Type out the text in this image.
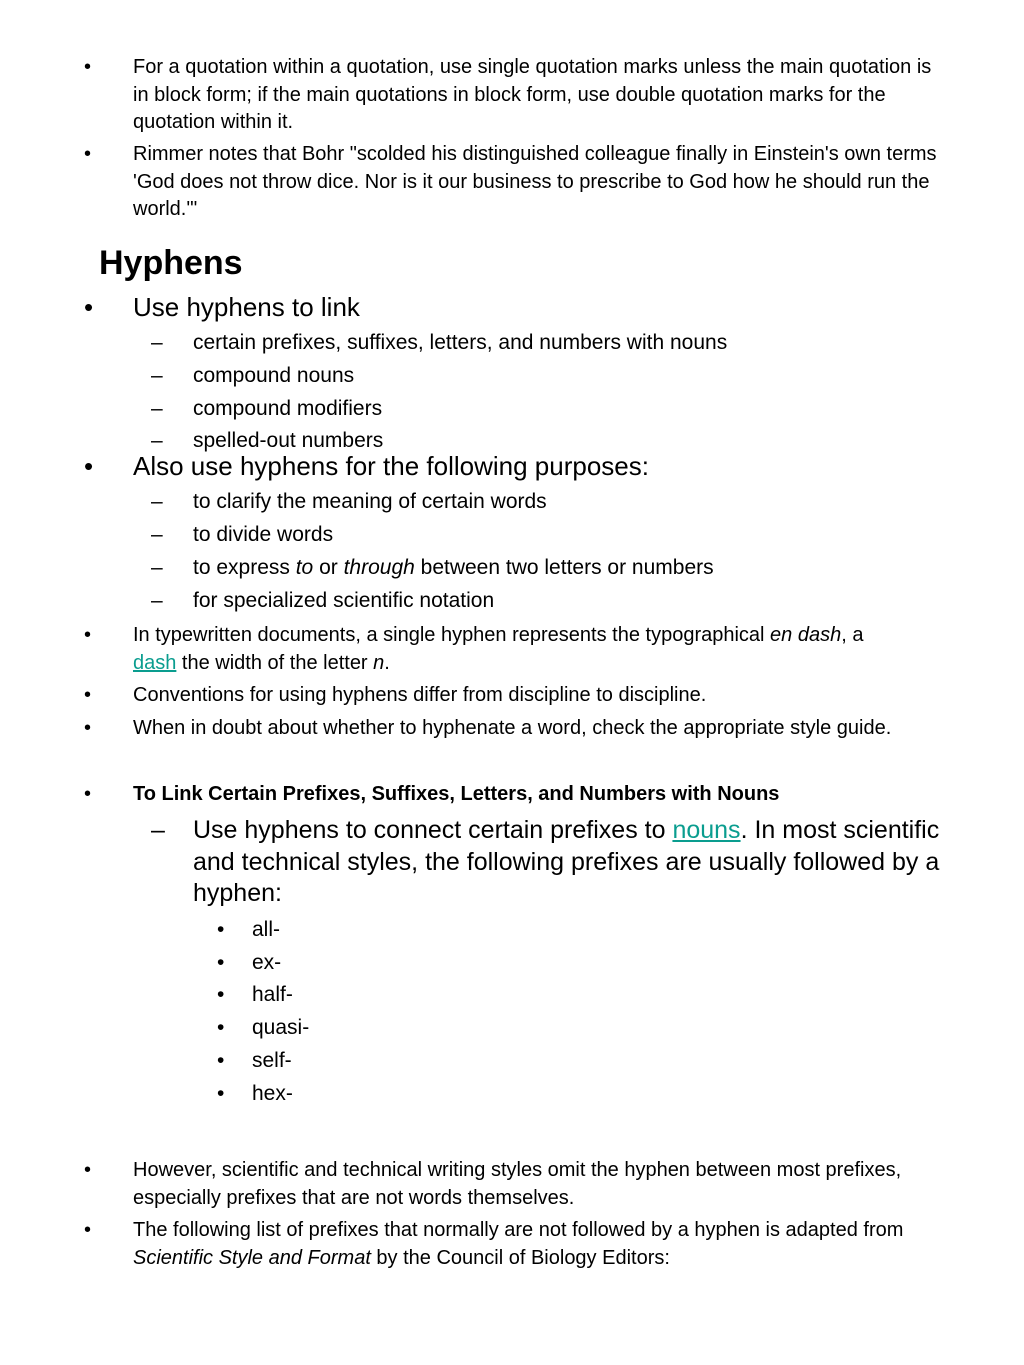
• For a quotation within a quotation, use single quotation marks unless the main quotation is in block form; if the main quotations in block form, use double quotation marks for the quotation within it.
• Rimmer notes that Bohr "scolded his distinguished colleague finally in Einstein's own terms 'God does not throw dice. Nor is it our business to prescribe to God how he should run the world.'"
Hyphens
• Use hyphens to link
– certain prefixes, suffixes, letters, and numbers with nouns
– compound nouns
– compound modifiers
– spelled-out numbers
• Also use hyphens for the following purposes:
– to clarify the meaning of certain words
– to divide words
– to express to or through between two letters or numbers
– for specialized scientific notation
• In typewritten documents, a single hyphen represents the typographical en dash, a dash the width of the letter n.
• Conventions for using hyphens differ from discipline to discipline.
• When in doubt about whether to hyphenate a word, check the appropriate style guide.
• To Link Certain Prefixes, Suffixes, Letters, and Numbers with Nouns
– Use hyphens to connect certain prefixes to nouns. In most scientific and technical styles, the following prefixes are usually followed by a hyphen:
• all-
• ex-
• half-
• quasi-
• self-
• hex-
• However, scientific and technical writing styles omit the hyphen between most prefixes, especially prefixes that are not words themselves.
• The following list of prefixes that normally are not followed by a hyphen is adapted from Scientific Style and Format by the Council of Biology Editors:
